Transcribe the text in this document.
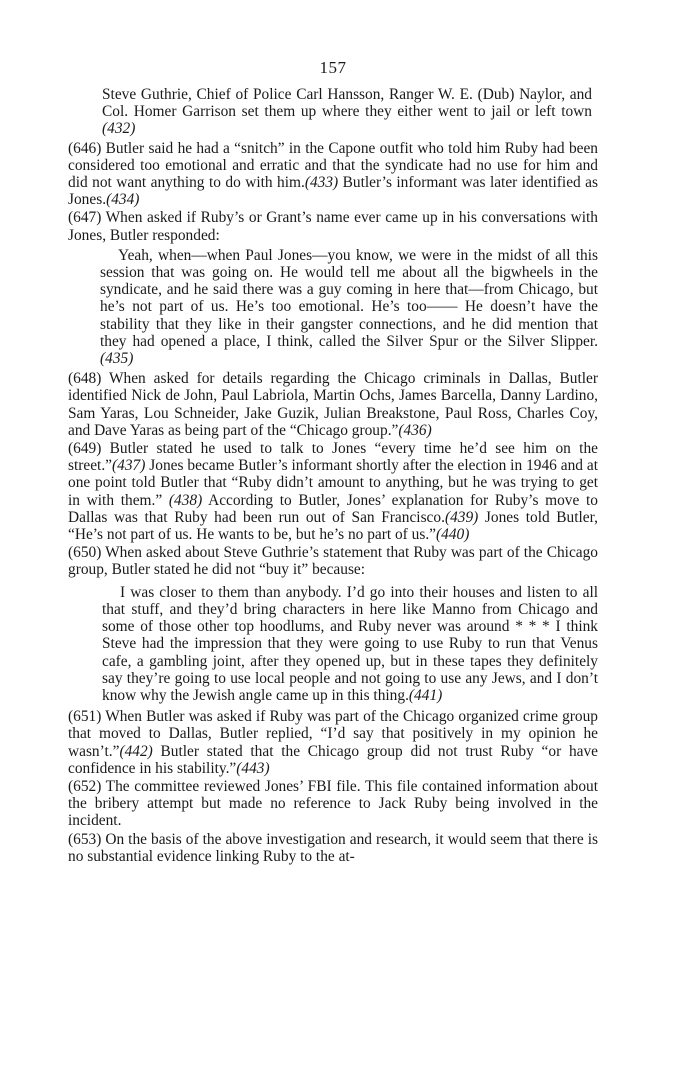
157

Steve Guthrie, Chief of Police Carl Hansson, Ranger W. E. (Dub) Naylor, and Col. Homer Garrison set them up where they either went to jail or left town (432)

(646) Butler said he had a “snitch” in the Capone outfit who told him Ruby had been considered too emotional and erratic and that the syndicate had no use for him and did not want anything to do with him.(433) Butler’s informant was later identified as Jones.(434)

(647) When asked if Ruby’s or Grant’s name ever came up in his conversations with Jones, Butler responded:

Yeah, when—when Paul Jones—you know, we were in the midst of all this session that was going on. He would tell me about all the bigwheels in the syndicate, and he said there was a guy coming in here that—from Chicago, but he’s not part of us. He’s too emotional. He’s too—— He doesn’t have the stability that they like in their gangster connections, and he did mention that they had opened a place, I think, called the Silver Spur or the Silver Slipper.(435)

(648) When asked for details regarding the Chicago criminals in Dallas, Butler identified Nick de John, Paul Labriola, Martin Ochs, James Barcella, Danny Lardino, Sam Yaras, Lou Schneider, Jake Guzik, Julian Breakstone, Paul Ross, Charles Coy, and Dave Yaras as being part of the “Chicago group.”(436)

(649) Butler stated he used to talk to Jones “every time he’d see him on the street.”(437) Jones became Butler’s informant shortly after the election in 1946 and at one point told Butler that “Ruby didn’t amount to anything, but he was trying to get in with them.” (438) According to Butler, Jones’ explanation for Ruby’s move to Dallas was that Ruby had been run out of San Francisco.(439) Jones told Butler, “He’s not part of us. He wants to be, but he’s no part of us.”(440)

(650) When asked about Steve Guthrie’s statement that Ruby was part of the Chicago group, Butler stated he did not “buy it” because:

I was closer to them than anybody. I’d go into their houses and listen to all that stuff, and they’d bring characters in here like Manno from Chicago and some of those other top hoodlums, and Ruby never was around * * * I think Steve had the impression that they were going to use Ruby to run that Venus cafe, a gambling joint, after they opened up, but in these tapes they definitely say they’re going to use local people and not going to use any Jews, and I don’t know why the Jewish angle came up in this thing.(441)

(651) When Butler was asked if Ruby was part of the Chicago organized crime group that moved to Dallas, Butler replied, “I’d say that positively in my opinion he wasn’t.”(442) Butler stated that the Chicago group did not trust Ruby “or have confidence in his stability.”(443)

(652) The committee reviewed Jones’ FBI file. This file contained information about the bribery attempt but made no reference to Jack Ruby being involved in the incident.

(653) On the basis of the above investigation and research, it would seem that there is no substantial evidence linking Ruby to the at-
